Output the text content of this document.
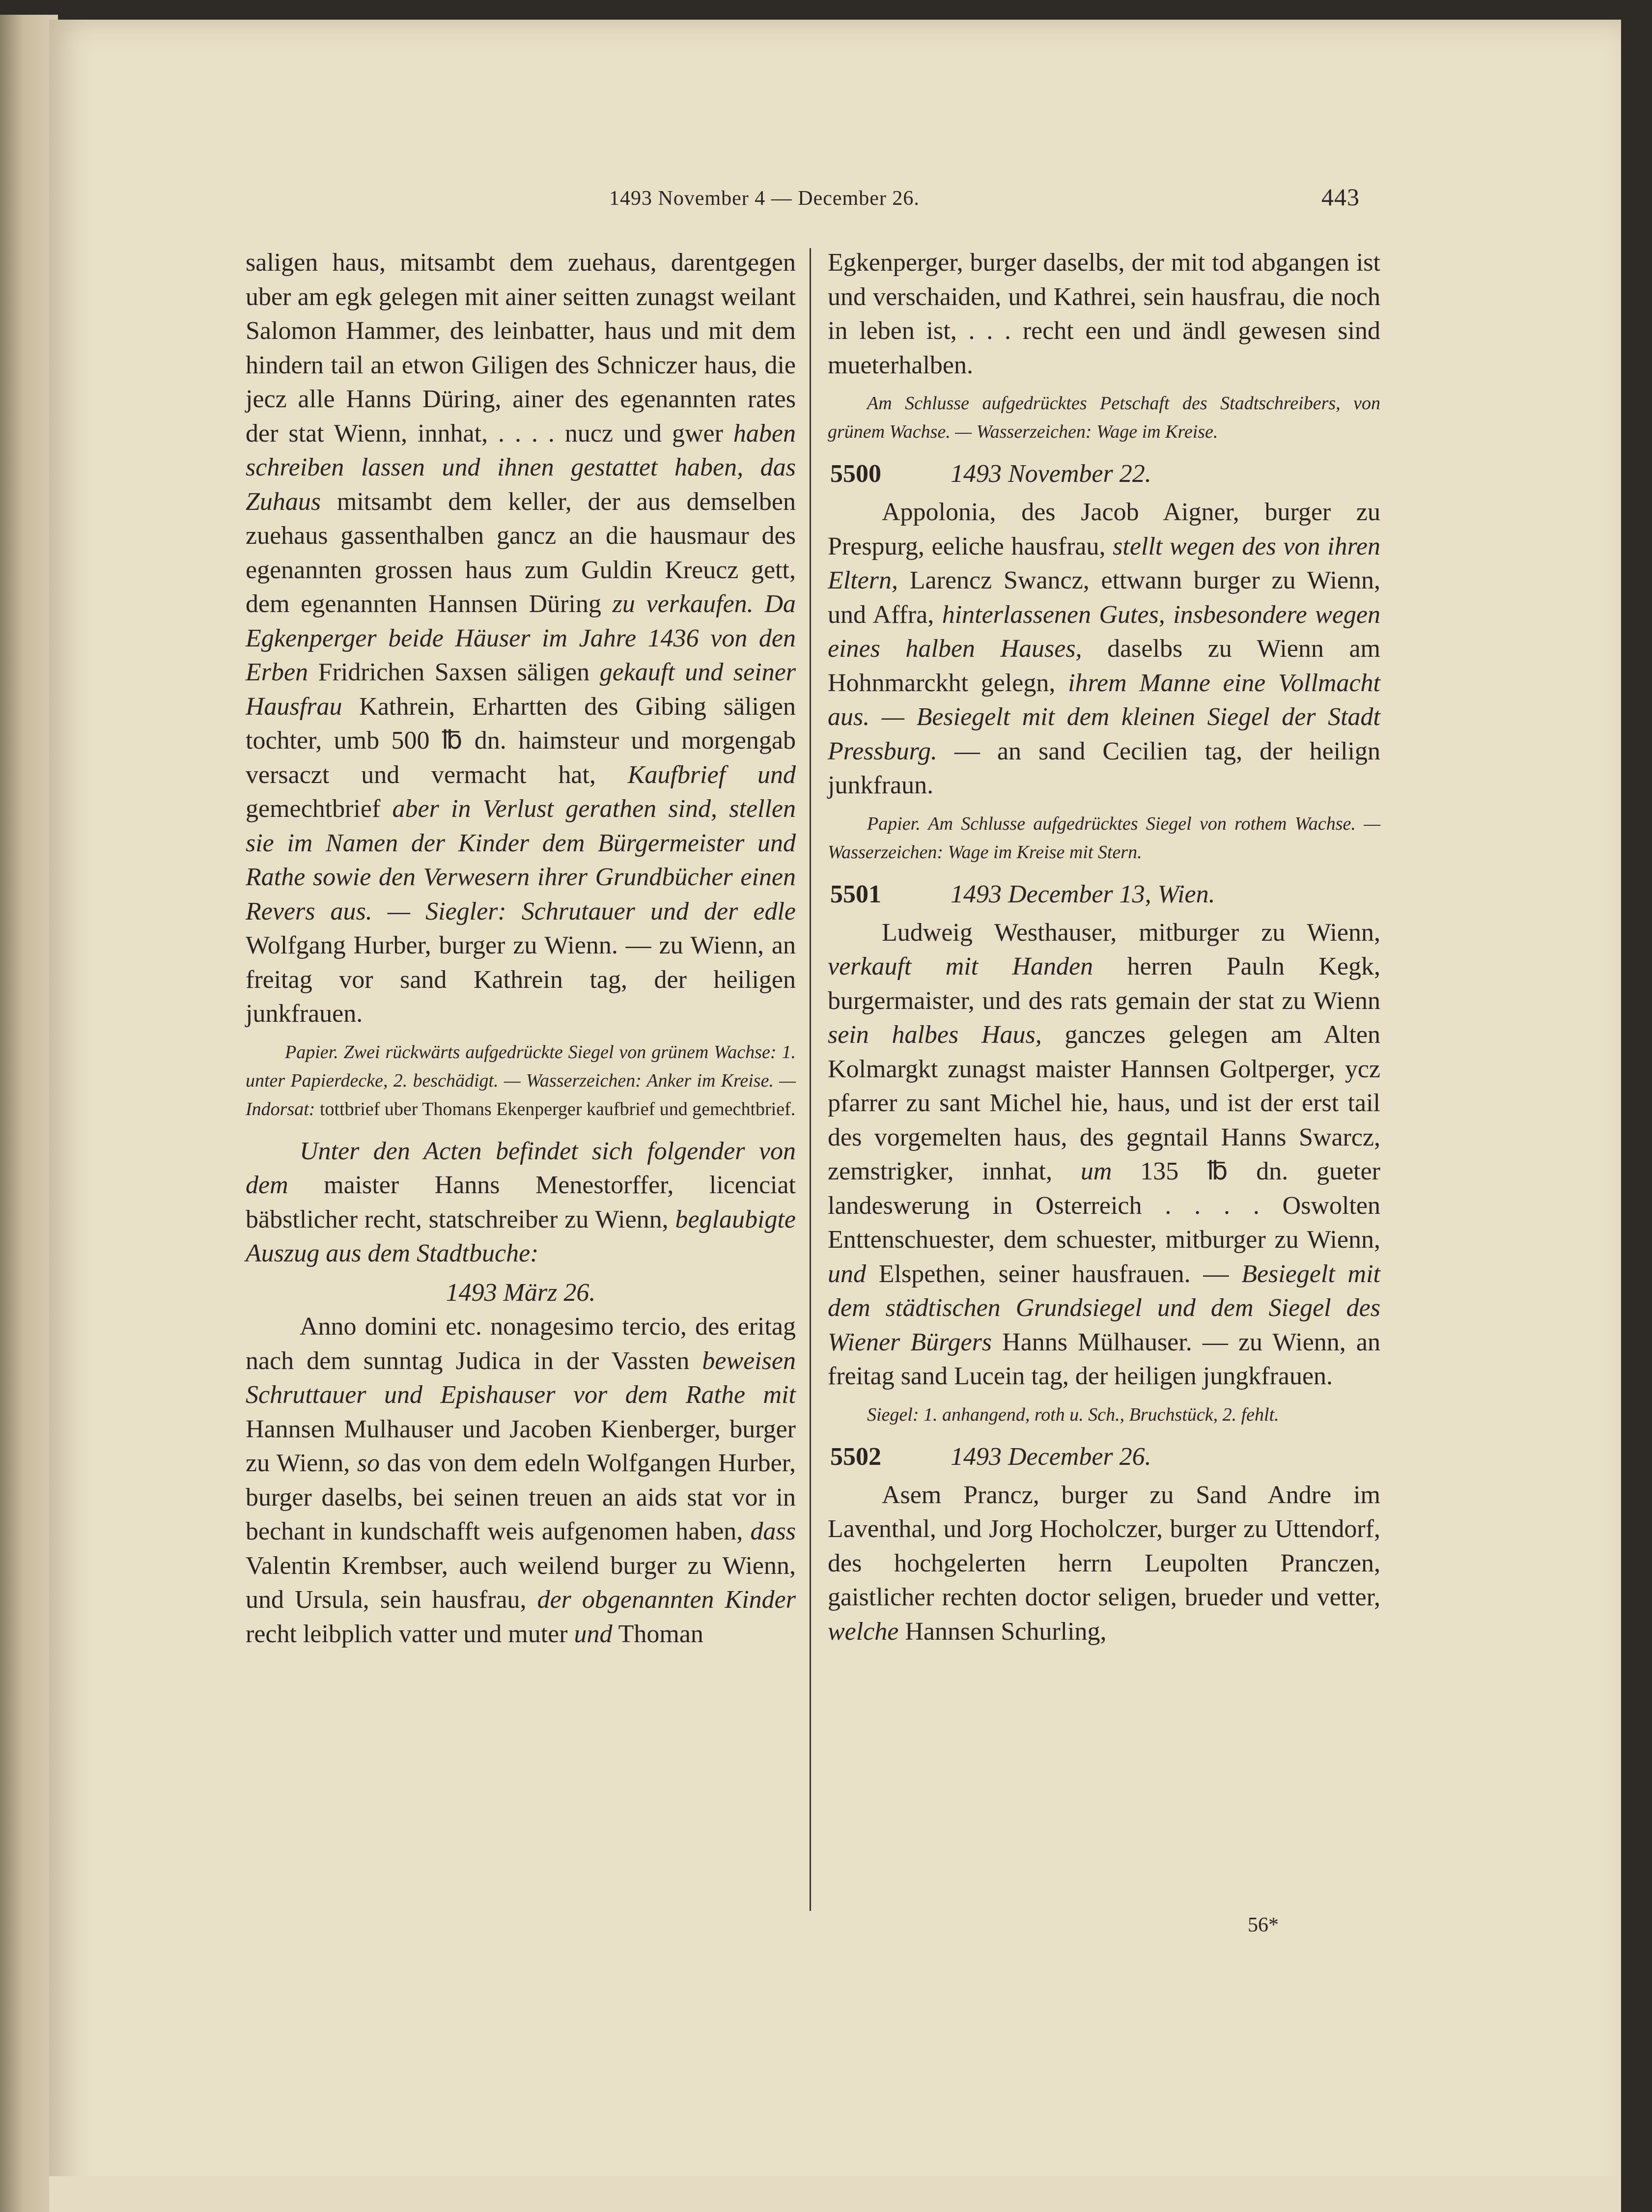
1493 November 4 — December 26.	443

saligen haus, mitsambt dem zuehaus, darentgegen uber am egk gelegen mit ainer seitten zunagst weilant Salomon Hammer, des leinbatter, haus und mit dem hindern tail an etwon Giligen des Schniczer haus, die jecz alle Hanns Düring, ainer des egenannten rates der stat Wienn, innhat, . . . . nucz und gwer haben schreiben lassen und ihnen gestattet haben, das Zuhaus mitsambt dem keller, der aus demselben zuehaus gassenthalben gancz an die hausmaur des egenannten grossen haus zum Guldin Kreucz gett, dem egenannten Hannsen Düring zu verkaufen. Da Egkenperger beide Häuser im Jahre 1436 von den Erben Fridrichen Saxsen säligen gekauft und seiner Hausfrau Kathrein, Erhartten des Gibing säligen tochter, umb 500 ℔ dn. haimsteur und morgengab versaczt und vermacht hat, Kaufbrief und gemechtbrief aber in Verlust gerathen sind, stellen sie im Namen der Kinder dem Bürgermeister und Rathe sowie den Verwesern ihrer Grundbücher einen Revers aus. — Siegler: Schrutauer und der edle Wolfgang Hurber, burger zu Wienn. — zu Wienn, an freitag vor sand Kathrein tag, der heiligen junkfrauen.

Papier. Zwei rückwärts aufgedrückte Siegel von grünem Wachse: 1. unter Papierdecke, 2. beschädigt. — Wasserzeichen: Anker im Kreise. — Indorsat: tottbrief uber Thomans Ekenperger kaufbrief und gemechtbrief.

Unter den Acten befindet sich folgender von dem maister Hanns Menestorffer, licenciat bäbstlicher recht, statschreiber zu Wienn, beglaubigte Auszug aus dem Stadtbuche:

1493 März 26.

Anno domini etc. nonagesimo tercio, des eritag nach dem sunntag Judica in der Vassten beweisen Schruttauer und Epishauser vor dem Rathe mit Hannsen Mulhauser und Jacoben Kienberger, burger zu Wienn, so das von dem edeln Wolfgangen Hurber, burger daselbs, bei seinen treuen an aids stat vor in bechant in kundschafft weis aufgenomen haben, dass Valentin Krembser, auch weilend burger zu Wienn, und Ursula, sein hausfrau, der obgenannten Kinder recht leibplich vatter und muter und Thoman

Egkenperger, burger daselbs, der mit tod abgangen ist und verschaiden, und Kathrei, sein hausfrau, die noch in leben ist, . . . recht een und ändl gewesen sind mueterhalben.

Am Schlusse aufgedrücktes Petschaft des Stadtschreibers, von grünem Wachse. — Wasserzeichen: Wage im Kreise.

5500	1493 November 22.

Appolonia, des Jacob Aigner, burger zu Prespurg, eeliche hausfrau, stellt wegen des von ihren Eltern, Larencz Swancz, ettwann burger zu Wienn, und Affra, hinterlassenen Gutes, insbesondere wegen eines halben Hauses, daselbs zu Wienn am Hohnmarckht gelegn, ihrem Manne eine Vollmacht aus. — Besiegelt mit dem kleinen Siegel der Stadt Pressburg. — an sand Cecilien tag, der heilign junkfraun.

Papier. Am Schlusse aufgedrücktes Siegel von rothem Wachse. — Wasserzeichen: Wage im Kreise mit Stern.

5501	1493 December 13, Wien.

Ludweig Westhauser, mitburger zu Wienn, verkauft mit Handen herren Pauln Kegk, burgermaister, und des rats gemain der stat zu Wienn sein halbes Haus, ganczes gelegen am Alten Kolmargkt zunagst maister Hannsen Goltperger, ycz pfarrer zu sant Michel hie, haus, und ist der erst tail des vorgemelten haus, des gegntail Hanns Swarcz, zemstrigker, innhat, um 135 ℔ dn. gueter landeswerung in Osterreich . . . . Oswolten Enttenschuester, dem schuester, mitburger zu Wienn, und Elspethen, seiner hausfrauen. — Besiegelt mit dem städtischen Grundsiegel und dem Siegel des Wiener Bürgers Hanns Mülhauser. — zu Wienn, an freitag sand Lucein tag, der heiligen jungkfrauen.

Siegel: 1. anhangend, roth u. Sch., Bruchstück, 2. fehlt.

5502	1493 December 26.

Asem Prancz, burger zu Sand Andre im Laventhal, und Jorg Hocholczer, burger zu Uttendorf, des hochgelerten herrn Leupolten Pranczen, gaistlicher rechten doctor seligen, brueder und vetter, welche Hannsen Schurling,

56*
